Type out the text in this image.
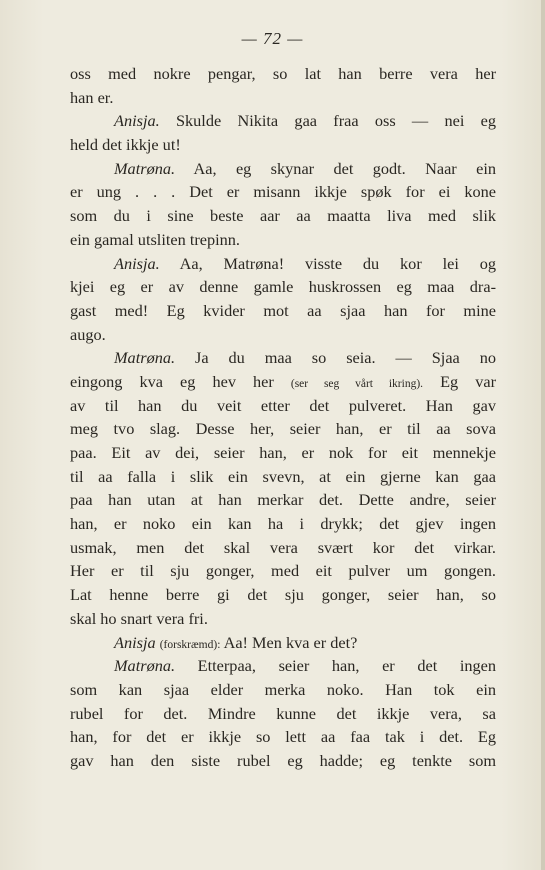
— 72 —
oss med nokre pengar, so lat han berre vera her
han er.
Anisja. Skulde Nikita gaa fraa oss — nei eg
held det ikkje ut!
Matrøna. Aa, eg skynar det godt. Naar ein
er ung . . . Det er misann ikkje spøk for ei kone
som du i sine beste aar aa maatta liva med slik
ein gamal utsliten trepinn.
Anisja. Aa, Matrøna! visste du kor lei og
kjei eg er av denne gamle huskrossen eg maa dra-
gast med! Eg kvider mot aa sjaa han for mine
augo.
Matrøna. Ja du maa so seia. — Sjaa no
eingong kva eg hev her (ser seg vårt ikring). Eg var
av til han du veit etter det pulveret. Han gav
meg tvo slag. Desse her, seier han, er til aa sova
paa. Eit av dei, seier han, er nok for eit mennekje
til aa falla i slik ein svevn, at ein gjerne kan gaa
paa han utan at han merkar det. Dette andre, seier
han, er noko ein kan ha i drykk; det gjev ingen
usmak, men det skal vera svært kor det virkar.
Her er til sju gonger, med eit pulver um gongen.
Lat henne berre gi det sju gonger, seier han, so
skal ho snart vera fri.
Anisja (forskræmd): Aa! Men kva er det?
Matrøna. Etterpaa, seier han, er det ingen
som kan sjaa elder merka noko. Han tok ein
rubel for det. Mindre kunne det ikkje vera, sa
han, for det er ikkje so lett aa faa tak i det. Eg
gav han den siste rubel eg hadde; eg tenkte som
